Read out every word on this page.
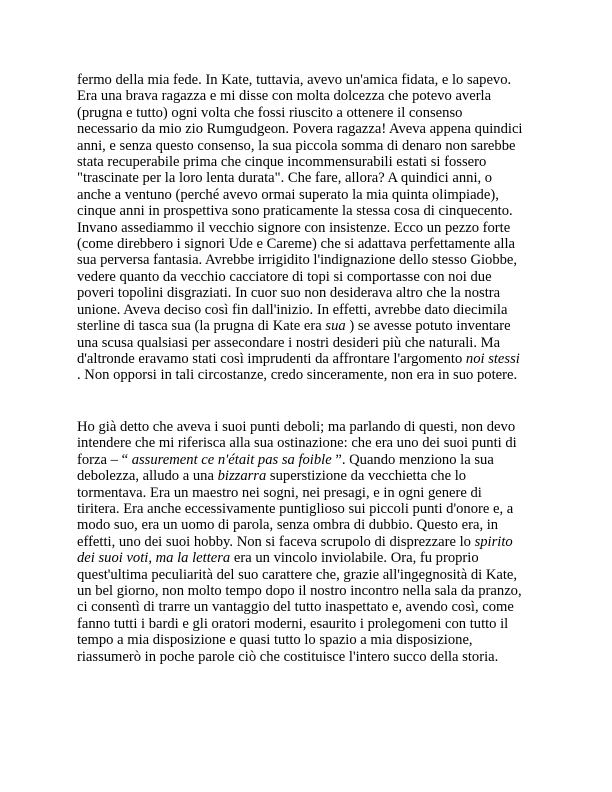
fermo della mia fede. In Kate, tuttavia, avevo un'amica fidata, e lo sapevo.
Era una brava ragazza e mi disse con molta dolcezza che potevo averla
(prugna e tutto) ogni volta che fossi riuscito a ottenere il consenso
necessario da mio zio Rumgudgeon. Povera ragazza! Aveva appena quindici
anni, e senza questo consenso, la sua piccola somma di denaro non sarebbe
stata recuperabile prima che cinque incommensurabili estati si fossero
"trascinate per la loro lenta durata". Che fare, allora? A quindici anni, o
anche a ventuno (perché avevo ormai superato la mia quinta olimpiade),
cinque anni in prospettiva sono praticamente la stessa cosa di cinquecento.
Invano assediammo il vecchio signore con insistenze. Ecco un pezzo forte
(come direbbero i signori Ude e Careme) che si adattava perfettamente alla
sua perversa fantasia. Avrebbe irrigidito l'indignazione dello stesso Giobbe,
vedere quanto da vecchio cacciatore di topi si comportasse con noi due
poveri topolini disgraziati. In cuor suo non desiderava altro che la nostra
unione. Aveva deciso così fin dall'inizio. In effetti, avrebbe dato diecimila
sterline di tasca sua (la prugna di Kate era sua ) se avesse potuto inventare
una scusa qualsiasi per assecondare i nostri desideri più che naturali. Ma
d'altronde eravamo stati così imprudenti da affrontare l'argomento noi stessi
. Non opporsi in tali circostanze, credo sinceramente, non era in suo potere.
Ho già detto che aveva i suoi punti deboli; ma parlando di questi, non devo
intendere che mi riferisca alla sua ostinazione: che era uno dei suoi punti di
forza – “ assurement ce n'était pas sa foible ”. Quando menziono la sua
debolezza, alludo a una bizzarra superstizione da vecchietta che lo
tormentava. Era un maestro nei sogni, nei presagi, e in ogni genere di
tiritera. Era anche eccessivamente puntiglioso sui piccoli punti d'onore e, a
modo suo, era un uomo di parola, senza ombra di dubbio. Questo era, in
effetti, uno dei suoi hobby. Non si faceva scrupolo di disprezzare lo spirito
dei suoi voti, ma la lettera era un vincolo inviolabile. Ora, fu proprio
quest'ultima peculiarità del suo carattere che, grazie all'ingegnosità di Kate,
un bel giorno, non molto tempo dopo il nostro incontro nella sala da pranzo,
ci consentì di trarre un vantaggio del tutto inaspettato e, avendo così, come
fanno tutti i bardi e gli oratori moderni, esaurito i prolegomeni con tutto il
tempo a mia disposizione e quasi tutto lo spazio a mia disposizione,
riassumerò in poche parole ciò che costituisce l'intero succo della storia.
